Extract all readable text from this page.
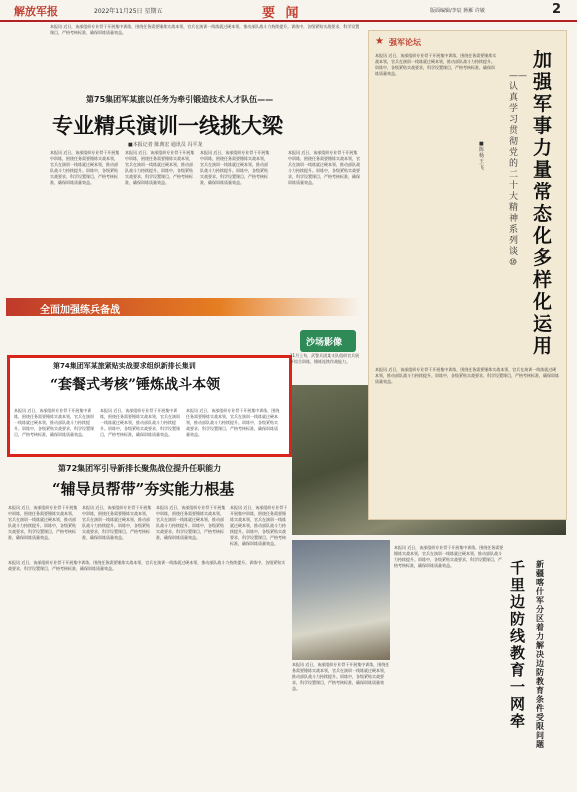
解放军报	2022年11月25日 星期五	要 闻	版面编辑/李辰 蒋雁 许敏	2
本报讯 近日，该部组织专业骨干开展集中训练，围绕任务需要锤炼实战本领，官兵在演训一线练就过硬本领，推动部队战斗力持续提升。训练中，各级紧贴实战要求，科学设置课目，严格考核标准，确保训练质量效益。
第75集团军某旅以任务为牵引锻造技术人才队伍——
专业精兵演训一线挑大梁
■本报记者 陈典宏 通讯员 冯平龙
本报讯 近日，该部组织专业骨干开展集中训练，围绕任务需要锤炼实战本领，官兵在演训一线练就过硬本领，推动部队战斗力持续提升。训练中，各级紧贴实战要求，科学设置课目，严格考核标准，确保训练质量效益。
本报讯 近日，该部组织专业骨干开展集中训练，围绕任务需要锤炼实战本领，官兵在演训一线练就过硬本领，推动部队战斗力持续提升。训练中，各级紧贴实战要求，科学设置课目，严格考核标准，确保训练质量效益。
本报讯 近日，该部组织专业骨干开展集中训练，围绕任务需要锤炼实战本领，官兵在演训一线练就过硬本领，推动部队战斗力持续提升。训练中，各级紧贴实战要求，科学设置课目，严格考核标准，确保训练质量效益。
本报讯 近日，该部组织专业骨干开展集中训练，围绕任务需要锤炼实战本领，官兵在演训一线练就过硬本领，推动部队战斗力持续提升。训练中，各级紧贴实战要求，科学设置课目，严格考核标准，确保训练质量效益。
全面加强练兵备战
第74集团军某旅紧贴实战要求组织新排长集训
“套餐式考核”锤炼战斗本领
本报讯 近日，该部组织专业骨干开展集中训练，围绕任务需要锤炼实战本领，官兵在演训一线练就过硬本领，推动部队战斗力持续提升。训练中，各级紧贴实战要求，科学设置课目，严格考核标准，确保训练质量效益。
本报讯 近日，该部组织专业骨干开展集中训练，围绕任务需要锤炼实战本领，官兵在演训一线练就过硬本领，推动部队战斗力持续提升。训练中，各级紧贴实战要求，科学设置课目，严格考核标准，确保训练质量效益。
本报讯 近日，该部组织专业骨干开展集中训练，围绕任务需要锤炼实战本领，官兵在演训一线练就过硬本领，推动部队战斗力持续提升。训练中，各级紧贴实战要求，科学设置课目，严格考核标准，确保训练质量效益。
沙场影像
11月上旬，武警兵团某支队组织官兵展开综合训练，锤炼连续作战能力。
第72集团军引导新排长聚焦战位提升任职能力
“辅导员帮带”夯实能力根基
本报讯 近日，该部组织专业骨干开展集中训练，围绕任务需要锤炼实战本领，官兵在演训一线练就过硬本领，推动部队战斗力持续提升。训练中，各级紧贴实战要求，科学设置课目，严格考核标准，确保训练质量效益。
本报讯 近日，该部组织专业骨干开展集中训练，围绕任务需要锤炼实战本领，官兵在演训一线练就过硬本领，推动部队战斗力持续提升。训练中，各级紧贴实战要求，科学设置课目，严格考核标准，确保训练质量效益。
本报讯 近日，该部组织专业骨干开展集中训练，围绕任务需要锤炼实战本领，官兵在演训一线练就过硬本领，推动部队战斗力持续提升。训练中，各级紧贴实战要求，科学设置课目，严格考核标准，确保训练质量效益。
本报讯 近日，该部组织专业骨干开展集中训练，围绕任务需要锤炼实战本领，官兵在演训一线练就过硬本领，推动部队战斗力持续提升。训练中，各级紧贴实战要求，科学设置课目，严格考核标准，确保训练质量效益。
★ 强军论坛
本报讯 近日，该部组织专业骨干开展集中训练，围绕任务需要锤炼实战本领，官兵在演训一线练就过硬本领，推动部队战斗力持续提升。训练中，各级紧贴实战要求，科学设置课目，严格考核标准，确保训练质量效益。
加强军事力量常态化多样化运用
——认真学习贯彻党的二十大精神系列谈⑩
■ 陈 杨 王 飞
本报讯 近日，该部组织专业骨干开展集中训练，围绕任务需要锤炼实战本领，官兵在演训一线练就过硬本领，推动部队战斗力持续提升。训练中，各级紧贴实战要求，科学设置课目，严格考核标准，确保训练质量效益。
本报讯 近日，该部组织专业骨干开展集中训练，围绕任务需要锤炼实战本领，官兵在演训一线练就过硬本领，推动部队战斗力持续提升。训练中，各级紧贴实战要求，科学设置课目，严格考核标准，确保训练质量效益。
新疆喀什军分区着力解决边防教育条件受限问题
千里边防线 教育一网牵
本报讯 近日，该部组织专业骨干开展集中训练，围绕任务需要锤炼实战本领，官兵在演训一线练就过硬本领，推动部队战斗力持续提升。训练中，各级紧贴实战要求，科学设置课目，严格考核标准，确保训练质量效益。
本报讯 近日，该部组织专业骨干开展集中训练，围绕任务需要锤炼实战本领，官兵在演训一线练就过硬本领，推动部队战斗力持续提升。训练中，各级紧贴实战要求，科学设置课目，严格考核标准，确保训练质量效益。
